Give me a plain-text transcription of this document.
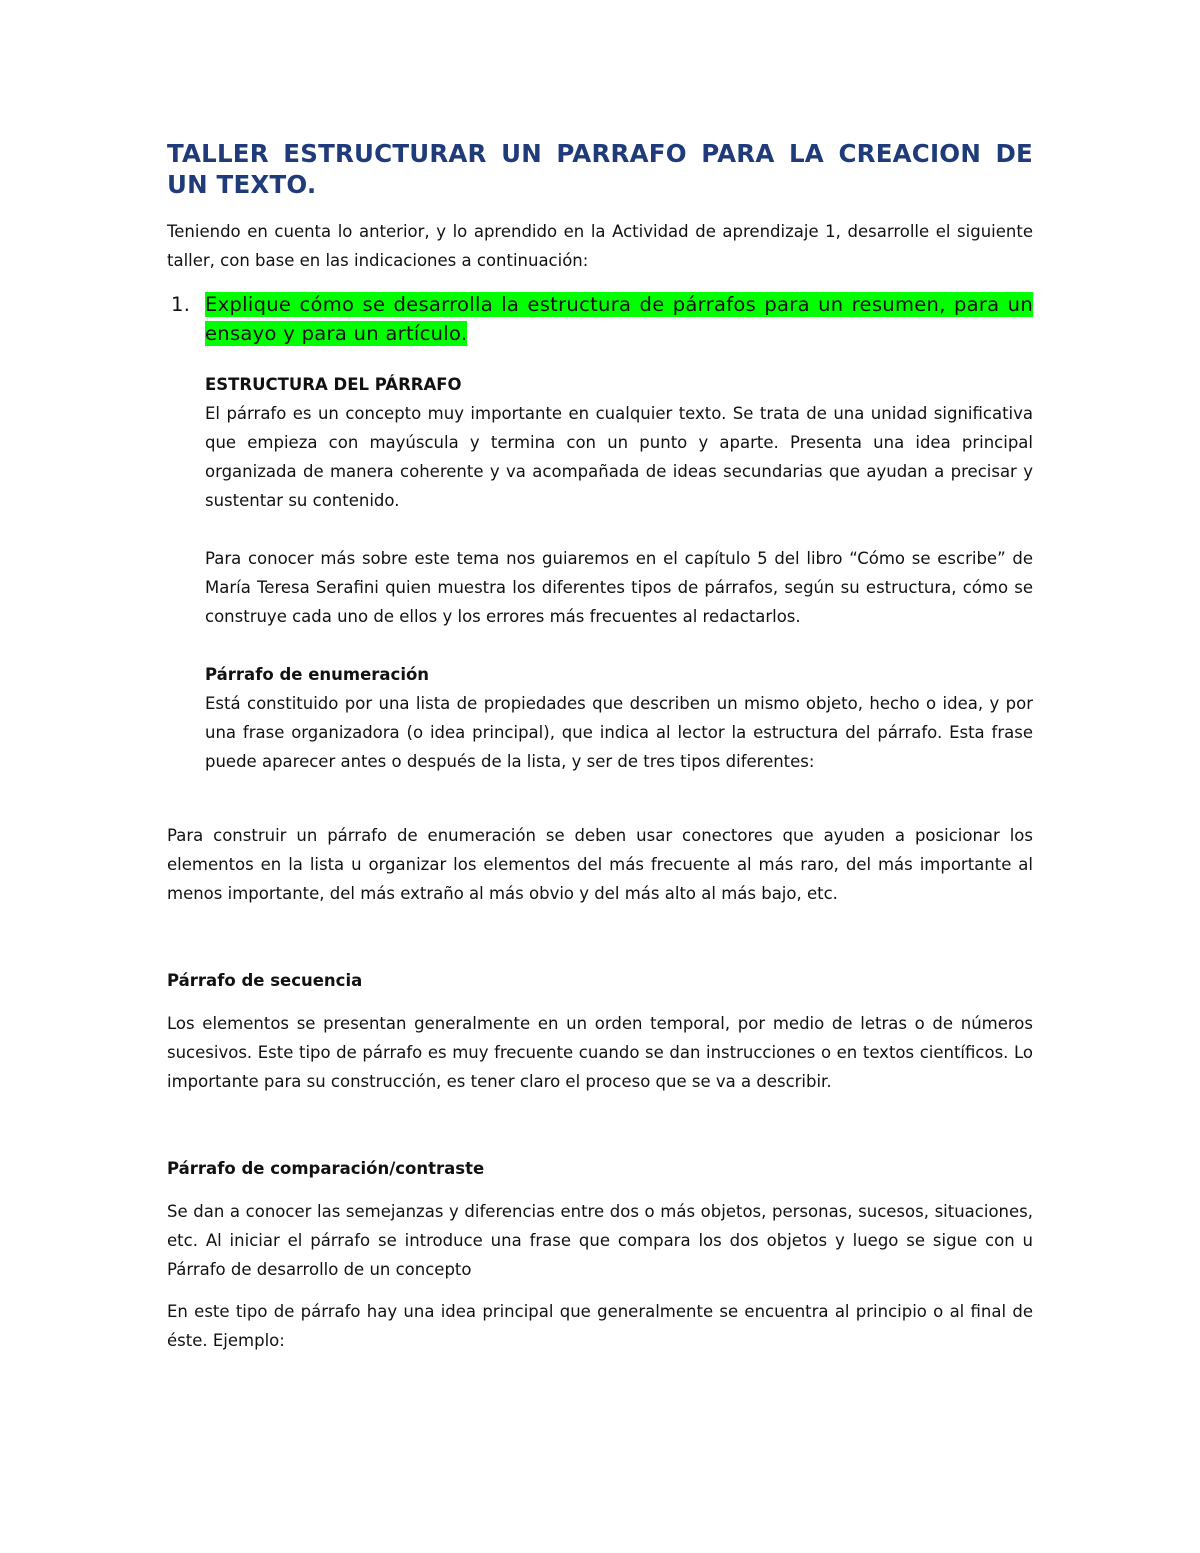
TALLER ESTRUCTURAR UN PARRAFO PARA LA CREACION DE UN TEXTO.

Teniendo en cuenta lo anterior, y lo aprendido en la Actividad de aprendizaje 1, desarrolle el siguiente taller, con base en las indicaciones a continuación:

1. Explique cómo se desarrolla la estructura de párrafos para un resumen, para un ensayo y para un artículo.

ESTRUCTURA DEL PÁRRAFO

El párrafo es un concepto muy importante en cualquier texto. Se trata de una unidad significativa que empieza con mayúscula y termina con un punto y aparte. Presenta una idea principal organizada de manera coherente y va acompañada de ideas secundarias que ayudan a precisar y sustentar su contenido.

Para conocer más sobre este tema nos guiaremos en el capítulo 5 del libro “Cómo se escribe” de María Teresa Serafini quien muestra los diferentes tipos de párrafos, según su estructura, cómo se construye cada uno de ellos y los errores más frecuentes al redactarlos.

Párrafo de enumeración

Está constituido por una lista de propiedades que describen un mismo objeto, hecho o idea, y por una frase organizadora (o idea principal), que indica al lector la estructura del párrafo. Esta frase puede aparecer antes o después de la lista, y ser de tres tipos diferentes:

Para construir un párrafo de enumeración se deben usar conectores que ayuden a posicionar los elementos en la lista u organizar los elementos del más frecuente al más raro, del más importante al menos importante, del más extraño al más obvio y del más alto al más bajo, etc.

Párrafo de secuencia

Los elementos se presentan generalmente en un orden temporal, por medio de letras o de números sucesivos. Este tipo de párrafo es muy frecuente cuando se dan instrucciones o en textos científicos. Lo importante para su construcción, es tener claro el proceso que se va a describir.

Párrafo de comparación/contraste

Se dan a conocer las semejanzas y diferencias entre dos o más objetos, personas, sucesos, situaciones, etc. Al iniciar el párrafo se introduce una frase que compara los dos objetos y luego se sigue con u Párrafo de desarrollo de un concepto

En este tipo de párrafo hay una idea principal que generalmente se encuentra al principio o al final de éste. Ejemplo:
